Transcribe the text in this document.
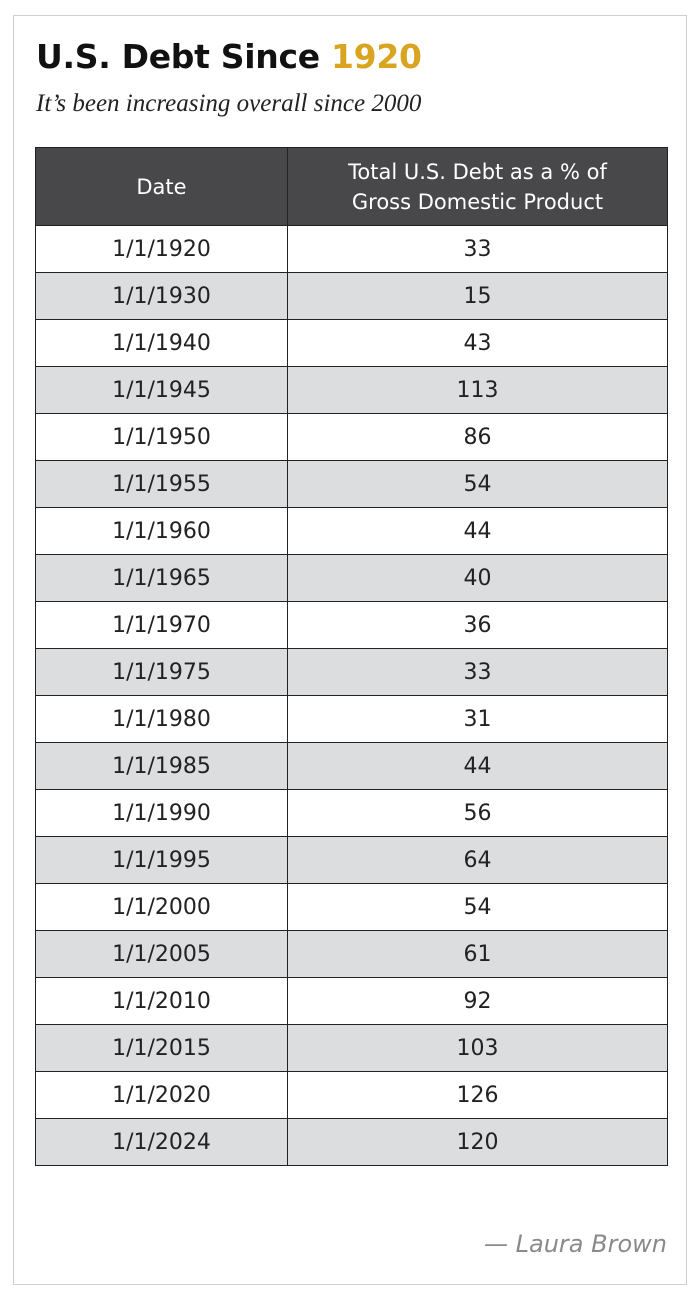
U.S. Debt Since 1920

It’s been increasing overall since 2000

Date	Total U.S. Debt as a % of
Gross Domestic Product

1/1/1920	33
1/1/1930	15
1/1/1940	43
1/1/1945	113
1/1/1950	86
1/1/1955	54
1/1/1960	44
1/1/1965	40
1/1/1970	36
1/1/1975	33
1/1/1980	31
1/1/1985	44
1/1/1990	56
1/1/1995	64
1/1/2000	54
1/1/2005	61
1/1/2010	92
1/1/2015	103
1/1/2020	126
1/1/2024	120

— Laura Brown
